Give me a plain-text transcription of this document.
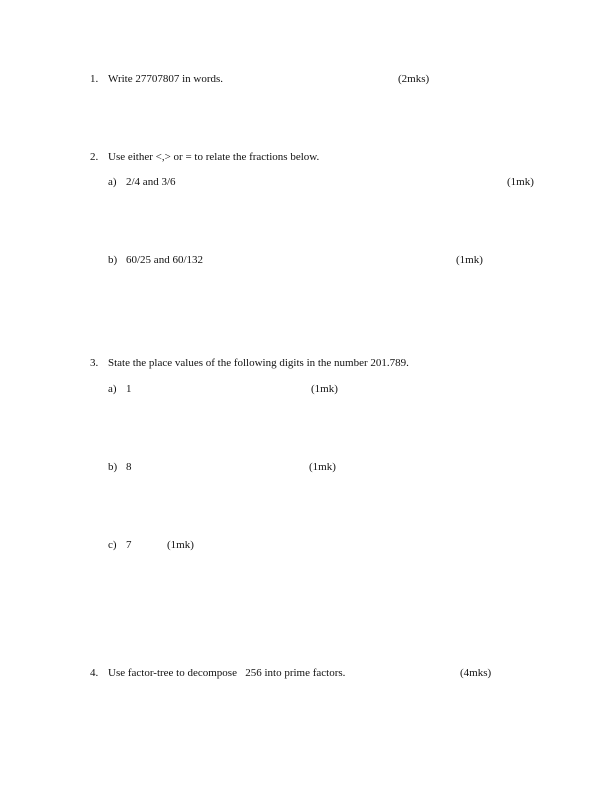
1. Write 27707807 in words.	(2mks)
2. Use either <,> or = to relate the fractions below.
a) 2/4 and 3/6	(1mk)
b) 60/25 and 60/132	(1mk)
3. State the place values of the following digits in the number 201.789.
a) 1	(1mk)
b) 8	(1mk)
c) 7	(1mk)
4. Use factor-tree to decompose   256 into prime factors.	(4mks)
